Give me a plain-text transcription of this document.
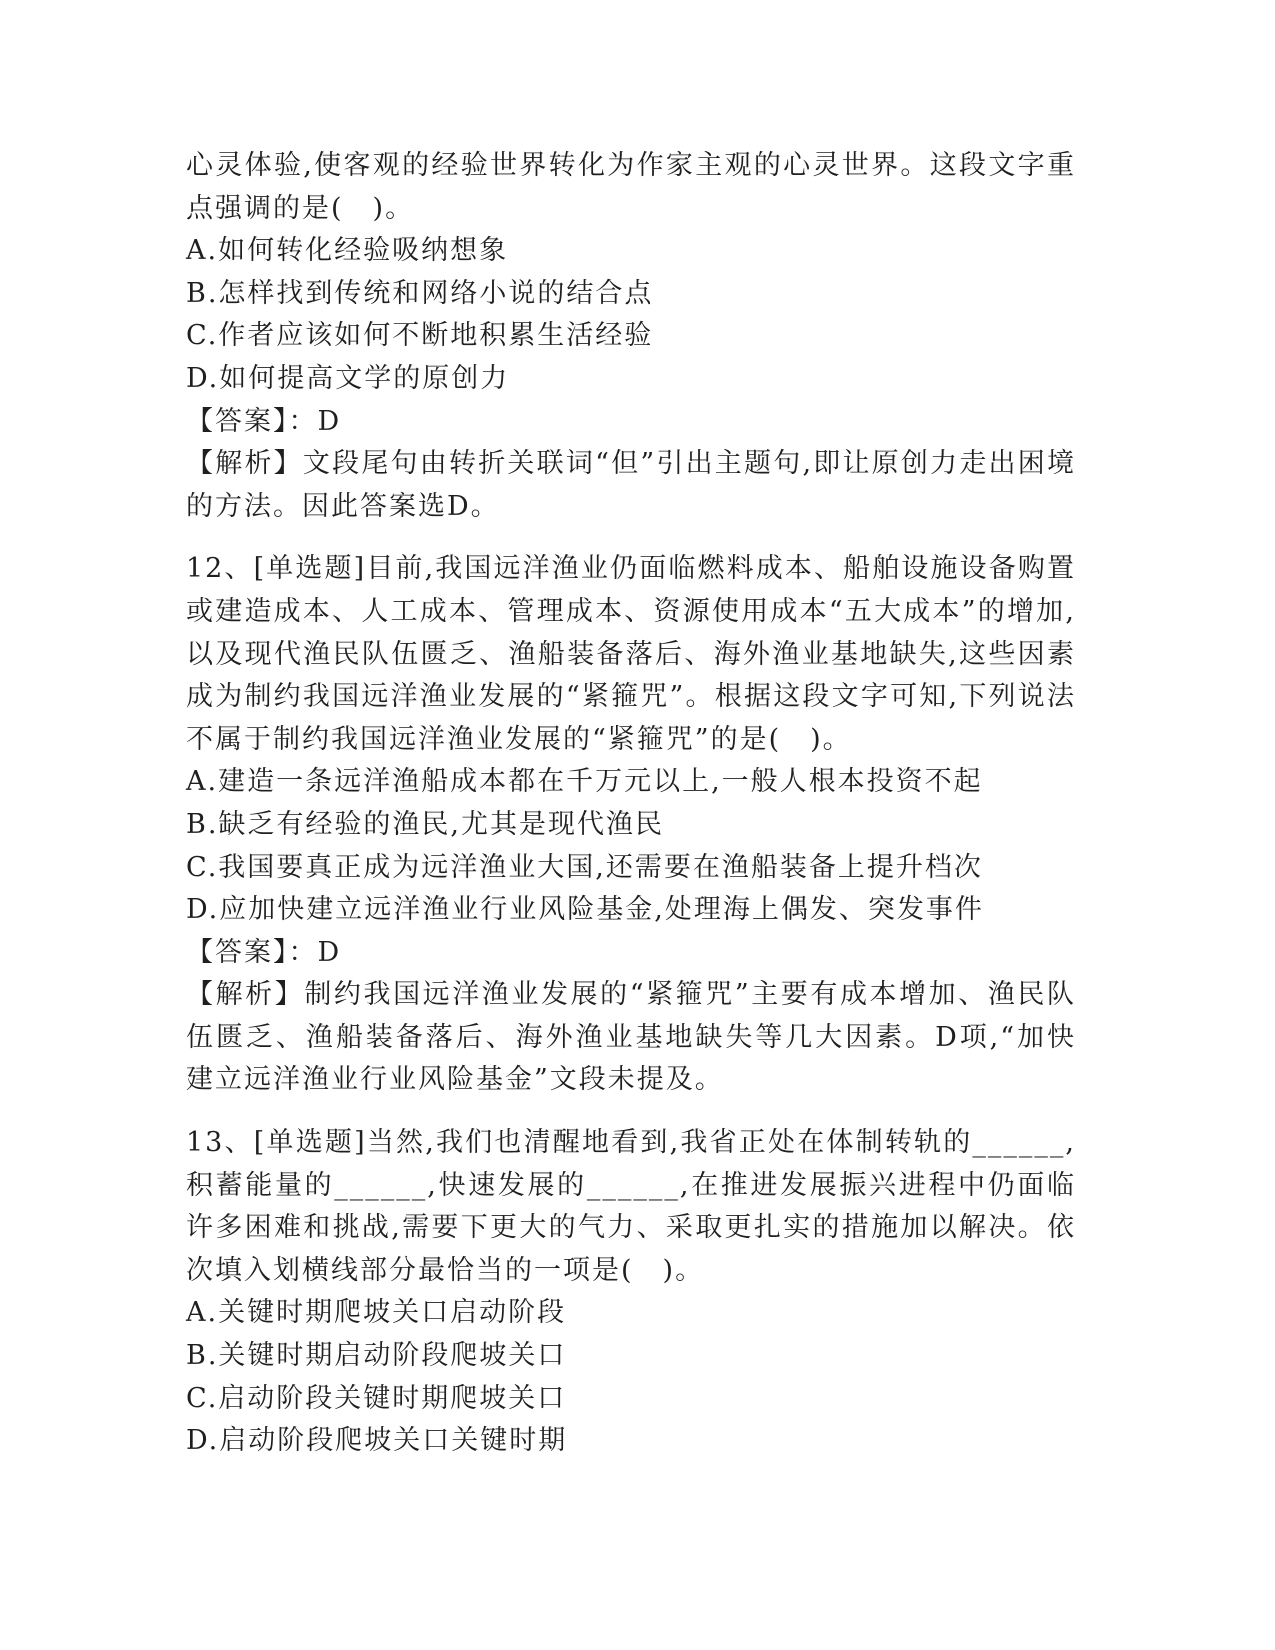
心灵体验,使客观的经验世界转化为作家主观的心灵世界。这段文字重点强调的是(　)。
A.如何转化经验吸纳想象
B.怎样找到传统和网络小说的结合点
C.作者应该如何不断地积累生活经验
D.如何提高文学的原创力
【答案】：D
【解析】文段尾句由转折关联词“但”引出主题句,即让原创力走出困境的方法。因此答案选D。
12、[单选题]目前,我国远洋渔业仍面临燃料成本、船舶设施设备购置或建造成本、人工成本、管理成本、资源使用成本“五大成本”的增加,以及现代渔民队伍匮乏、渔船装备落后、海外渔业基地缺失,这些因素成为制约我国远洋渔业发展的“紧箍咒”。根据这段文字可知,下列说法不属于制约我国远洋渔业发展的“紧箍咒”的是(　)。
A.建造一条远洋渔船成本都在千万元以上,一般人根本投资不起
B.缺乏有经验的渔民,尤其是现代渔民
C.我国要真正成为远洋渔业大国,还需要在渔船装备上提升档次
D.应加快建立远洋渔业行业风险基金,处理海上偶发、突发事件
【答案】：D
【解析】制约我国远洋渔业发展的“紧箍咒”主要有成本增加、渔民队伍匮乏、渔船装备落后、海外渔业基地缺失等几大因素。D项,“加快建立远洋渔业行业风险基金”文段未提及。
13、[单选题]当然,我们也清醒地看到,我省正处在体制转轨的______,积蓄能量的______,快速发展的______,在推进发展振兴进程中仍面临许多困难和挑战,需要下更大的气力、采取更扎实的措施加以解决。依次填入划横线部分最恰当的一项是(　)。
A.关键时期爬坡关口启动阶段
B.关键时期启动阶段爬坡关口
C.启动阶段关键时期爬坡关口
D.启动阶段爬坡关口关键时期
